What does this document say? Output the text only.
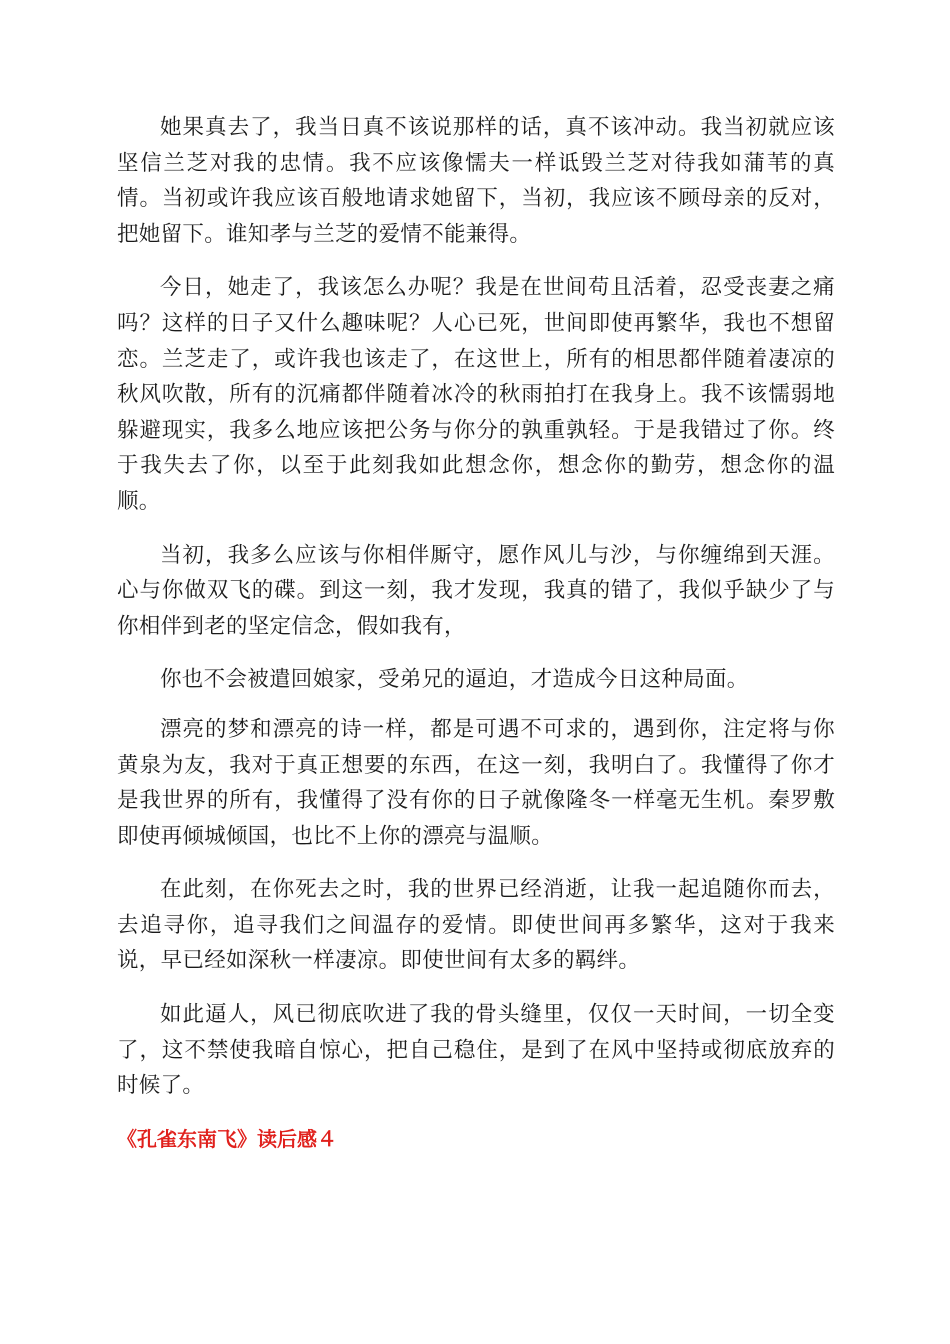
她果真去了，我当日真不该说那样的话，真不该冲动。我当初就应该坚信兰芝对我的忠情。我不应该像懦夫一样诋毁兰芝对待我如蒲苇的真情。当初或许我应该百般地请求她留下，当初，我应该不顾母亲的反对，把她留下。谁知孝与兰芝的爱情不能兼得。

今日，她走了，我该怎么办呢？我是在世间苟且活着，忍受丧妻之痛吗？这样的日子又什么趣味呢？人心已死，世间即使再繁华，我也不想留恋。兰芝走了，或许我也该走了，在这世上，所有的相思都伴随着凄凉的秋风吹散，所有的沉痛都伴随着冰冷的秋雨拍打在我身上。我不该懦弱地躲避现实，我多么地应该把公务与你分的孰重孰轻。于是我错过了你。终于我失去了你，以至于此刻我如此想念你，想念你的勤劳，想念你的温顺。

当初，我多么应该与你相伴厮守，愿作风儿与沙，与你缠绵到天涯。心与你做双飞的碟。到这一刻，我才发现，我真的错了，我似乎缺少了与你相伴到老的坚定信念，假如我有，

你也不会被遣回娘家，受弟兄的逼迫，才造成今日这种局面。

漂亮的梦和漂亮的诗一样，都是可遇不可求的，遇到你，注定将与你黄泉为友，我对于真正想要的东西，在这一刻，我明白了。我懂得了你才是我世界的所有，我懂得了没有你的日子就像隆冬一样毫无生机。秦罗敷即使再倾城倾国，也比不上你的漂亮与温顺。

在此刻，在你死去之时，我的世界已经消逝，让我一起追随你而去，去追寻你，追寻我们之间温存的爱情。即使世间再多繁华，这对于我来说，早已经如深秋一样凄凉。即使世间有太多的羁绊。

如此逼人，风已彻底吹进了我的骨头缝里，仅仅一天时间，一切全变了，这不禁使我暗自惊心，把自己稳住，是到了在风中坚持或彻底放弃的时候了。

《孔雀东南飞》读后感４
